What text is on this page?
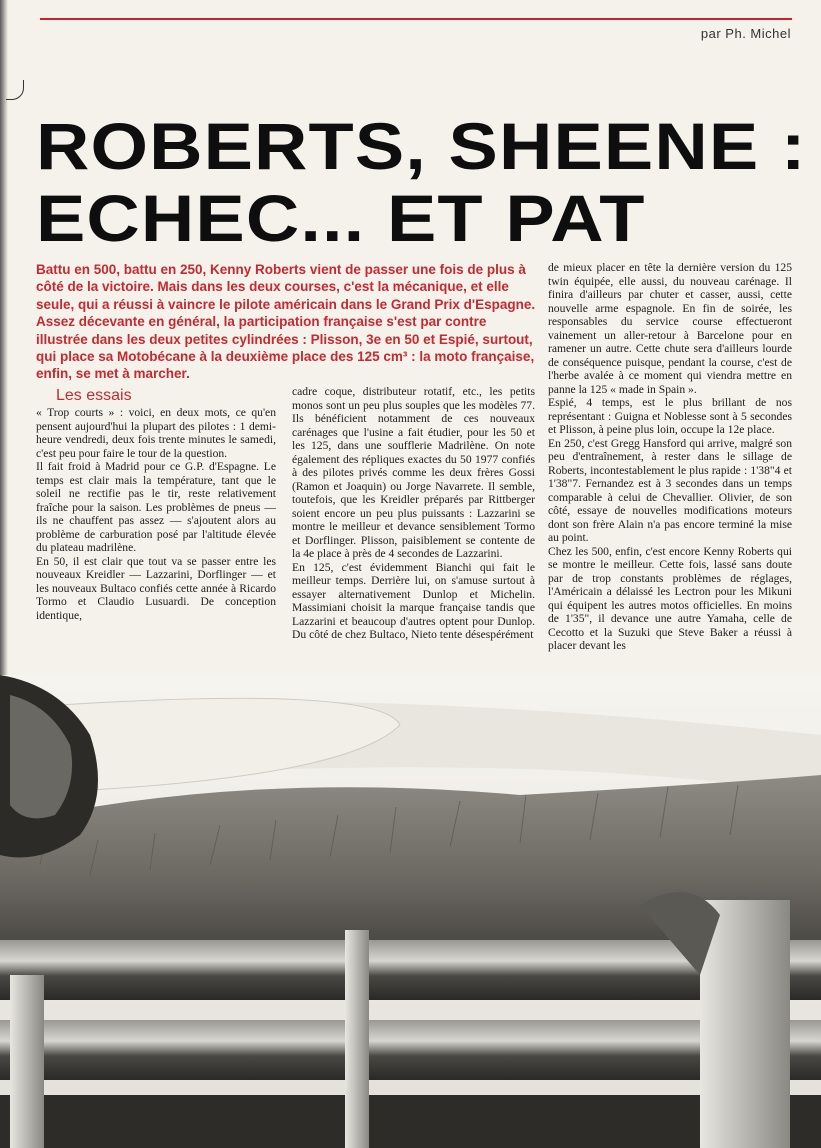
par Ph. Michel
ROBERTS, SHEENE :
ECHEC... ET PAT

Battu en 500, battu en 250, Kenny Roberts vient de passer une fois de plus à côté de la victoire. Mais dans les deux courses, c'est la mécanique, et elle seule, qui a réussi à vaincre le pilote américain dans le Grand Prix d'Espagne. Assez décevante en général, la participation française s'est par contre illustrée dans les deux petites cylindrées : Plisson, 3e en 50 et Espié, surtout, qui place sa Motobécane à la deuxième place des 125 cm³ : la moto française, enfin, se met à marcher.

Les essais

« Trop courts » : voici, en deux mots, ce qu'en pensent aujourd'hui la plupart des pilotes : 1 demi-heure vendredi, deux fois trente minutes le samedi, c'est peu pour faire le tour de la question.

Il fait froid à Madrid pour ce G.P. d'Espagne. Le temps est clair mais la température, tant que le soleil ne rectifie pas le tir, reste relativement fraîche pour la saison. Les problèmes de pneus — ils ne chauffent pas assez — s'ajoutent alors au problème de carburation posé par l'altitude élevée du plateau madrilène.

En 50, il est clair que tout va se passer entre les nouveaux Kreidler — Lazzarini, Dorflinger — et les nouveaux Bultaco confiés cette année à Ricardo Tormo et Claudio Lusuardi. De conception identique,

cadre coque, distributeur rotatif, etc., les petits monos sont un peu plus souples que les modèles 77. Ils bénéficient notamment de ces nouveaux carénages que l'usine a fait étudier, pour les 50 et les 125, dans une soufflerie Madrilène. On note également des répliques exactes du 50 1977 confiés à des pilotes privés comme les deux frères Gossi (Ramon et Joaquin) ou Jorge Navarrete. Il semble, toutefois, que les Kreidler préparés par Rittberger soient encore un peu plus puissants : Lazzarini se montre le meilleur et devance sensiblement Tormo et Dorflinger. Plisson, paisiblement se contente de la 4e place à près de 4 secondes de Lazzarini.

En 125, c'est évidemment Bianchi qui fait le meilleur temps. Derrière lui, on s'amuse surtout à essayer alternativement Dunlop et Michelin. Massimiani choisit la marque française tandis que Lazzarini et beaucoup d'autres optent pour Dunlop. Du côté de chez Bultaco, Nieto tente désespérément

de mieux placer en tête la dernière version du 125 twin équipée, elle aussi, du nouveau carénage. Il finira d'ailleurs par chuter et casser, aussi, cette nouvelle arme espagnole. En fin de soirée, les responsables du service course effectueront vainement un aller-retour à Barcelone pour en ramener un autre. Cette chute sera d'ailleurs lourde de conséquence puisque, pendant la course, c'est de l'herbe avalée à ce moment qui viendra mettre en panne la 125 « made in Spain ».

Espié, 4 temps, est le plus brillant de nos représentant : Guigna et Noblesse sont à 5 secondes et Plisson, à peine plus loin, occupe la 12e place.

En 250, c'est Gregg Hansford qui arrive, malgré son peu d'entraînement, à rester dans le sillage de Roberts, incontestablement le plus rapide : 1'38"4 et 1'38"7. Fernandez est à 3 secondes dans un temps comparable à celui de Chevallier. Olivier, de son côté, essaye de nouvelles modifications moteurs dont son frère Alain n'a pas encore terminé la mise au point.

Chez les 500, enfin, c'est encore Kenny Roberts qui se montre le meilleur. Cette fois, lassé sans doute par de trop constants problèmes de réglages, l'Américain a délaissé les Lectron pour les Mikuni qui équipent les autres motos officielles. En moins de 1'35", il devance une autre Yamaha, celle de Cecotto et la Suzuki que Steve Baker a réussi à placer devant les
